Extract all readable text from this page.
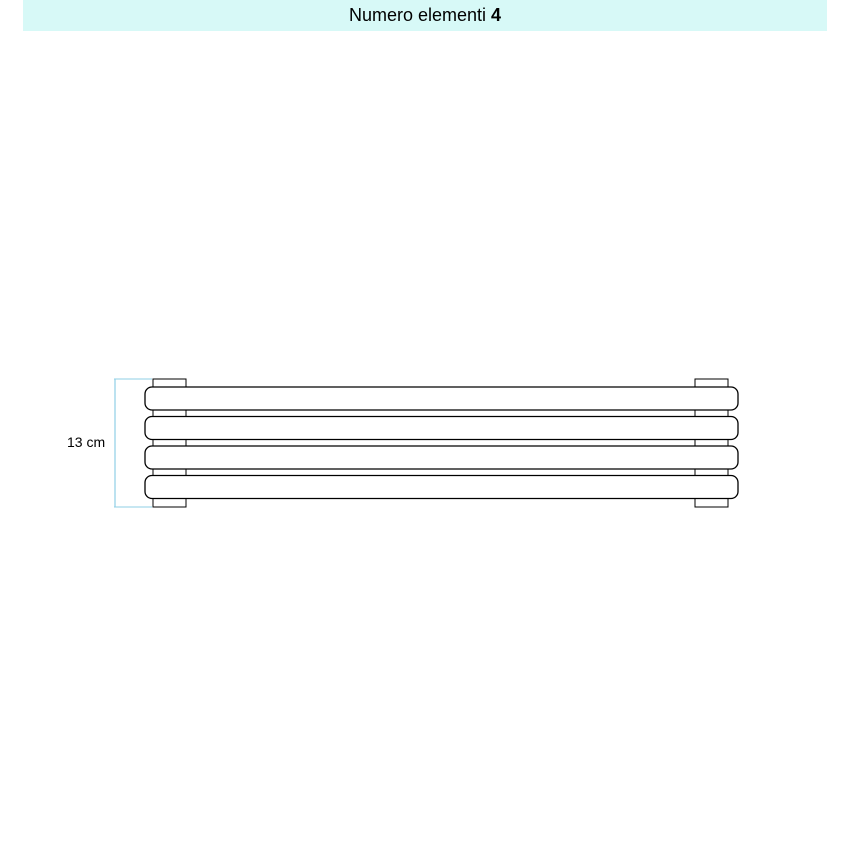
Numero elementi 4
13 cm
